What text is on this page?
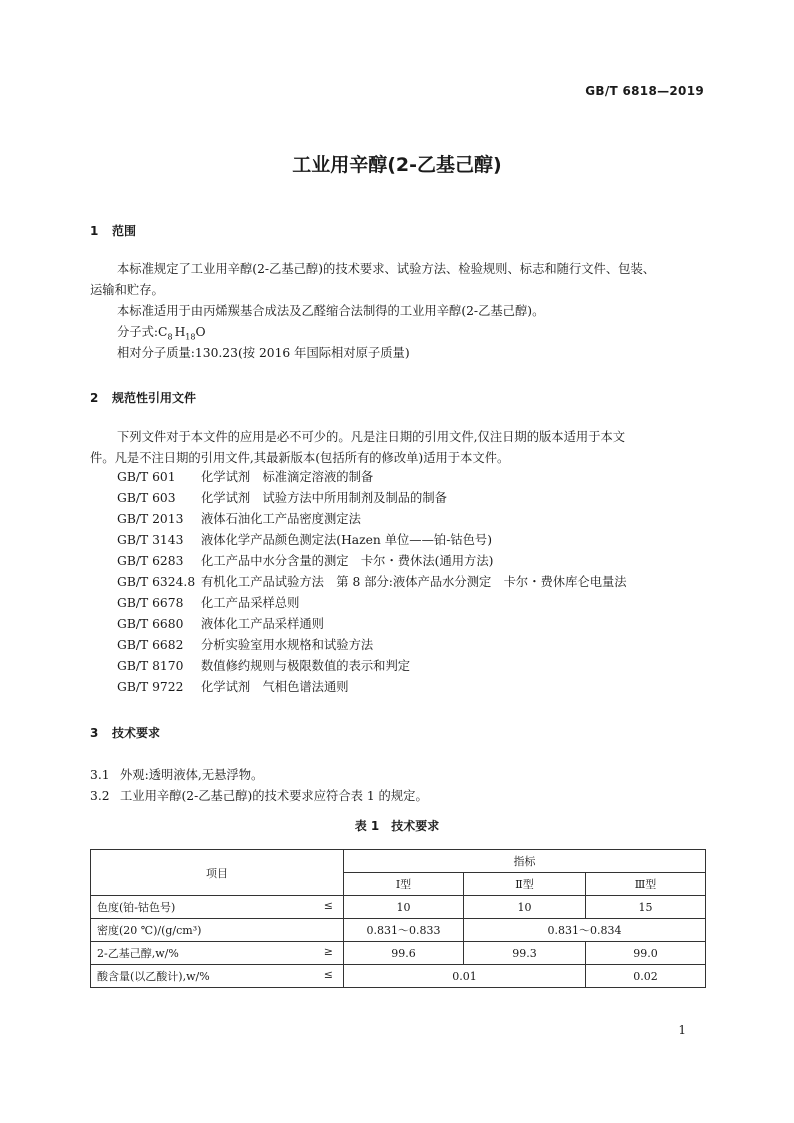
GB/T 6818—2019
工业用辛醇(2-乙基己醇)
1 范围
本标准规定了工业用辛醇(2-乙基己醇)的技术要求、试验方法、检验规则、标志和随行文件、包装、
运输和贮存。
本标准适用于由丙烯羰基合成法及乙醛缩合法制得的工业用辛醇(2-乙基己醇)。
分子式$:C_8$ $H_{18}O$
相对分子质量:130.23(按 2016 年国际相对原子质量)
2 规范性引用文件
下列文件对于本文件的应用是必不可少的。凡是注日期的引用文件,仅注日期的版本适用于本文
件。凡是不注日期的引用文件,其最新版本(包括所有的修改单)适用于本文件。
GB/T 601 化学试剂　标准滴定溶液的制备
GB/T 603 化学试剂　试验方法中所用制剂及制品的制备
GB/T 2013 液体石油化工产品密度测定法
GB/T 3143 液体化学产品颜色测定法(Hazen 单位——铂-钴色号)
GB/T 6283 化工产品中水分含量的测定　卡尔・费休法(通用方法)
GB/T 6324.8 有机化工产品试验方法　第 8 部分:液体产品水分测定　卡尔・费休库仑电量法
GB/T 6678 化工产品采样总则
GB/T 6680 液体化工产品采样通则
GB/T 6682 分析实验室用水规格和试验方法
GB/T 8170 数值修约规则与极限数值的表示和判定
GB/T 9722 化学试剂　气相色谱法通则
3 技术要求
3.1 外观:透明液体,无悬浮物。
3.2 工业用辛醇(2-乙基己醇)的技术要求应符合表 1 的规定。
表 1　技术要求
项目	指标		
	Ⅰ型	Ⅱ型	Ⅲ型
色度(铂-钴色号) ≤	10	10	15
密度(20 ℃)/(g/cm³)	0.831～0.833	0.831～0.834	
2-乙基己醇,w/% ≥	99.6	99.3	99.0
酸含量(以乙酸计),w/% ≤	0.01		0.02
1
